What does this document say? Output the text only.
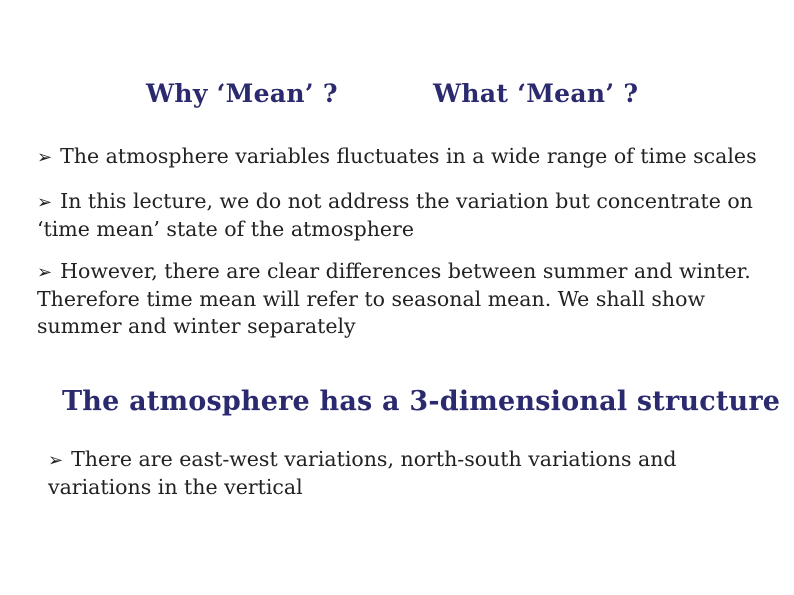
Why ‘Mean’ ?	What ‘Mean’ ?
➢ The atmosphere variables fluctuates in a wide range of time scales
➢ In this lecture, we do not address the variation but concentrate on
‘time mean’ state of the atmosphere
➢ However, there are clear differences between summer and winter.
Therefore time mean will refer to seasonal mean. We shall show
summer and winter separately
The atmosphere has a 3-dimensional structure
➢ There are east-west variations, north-south variations and
variations in the vertical
